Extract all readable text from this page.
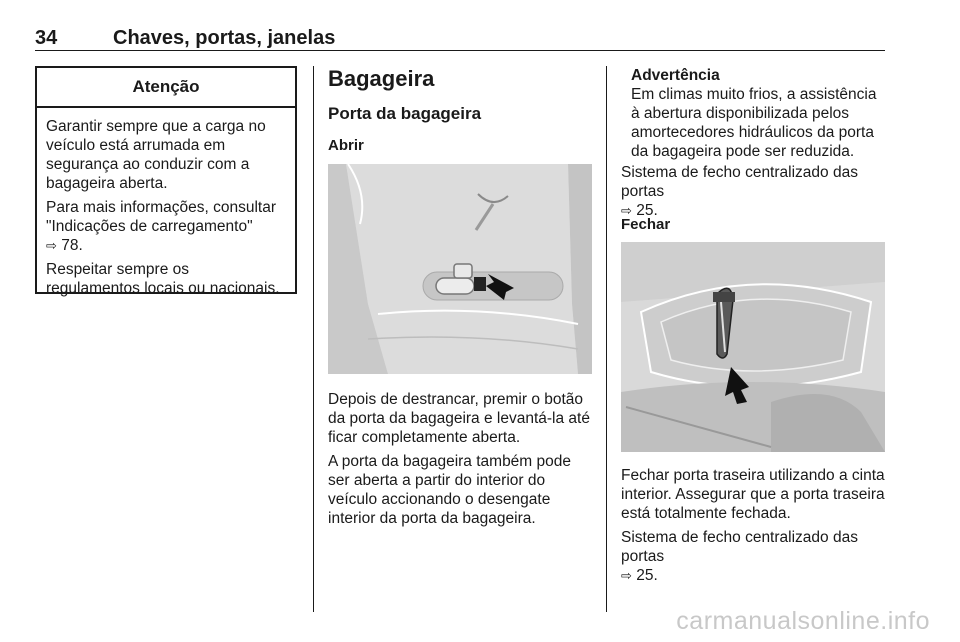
34	Chaves, portas, janelas
Atenção

Garantir sempre que a carga no veículo está arrumada em segurança ao conduzir com a bagageira aberta.

Para mais informações, consultar "Indicações de carregamento"
⇨ 78.

Respeitar sempre os regulamentos locais ou nacionais.

Bagageira
Porta da bagageira
Abrir

Depois de destrancar, premir o botão da porta da bagageira e levantá-la até ficar completamente aberta.

A porta da bagageira também pode ser aberta a partir do interior do veículo accionando o desengate interior da porta da bagageira.

Advertência

Em climas muito frios, a assistência à abertura disponibilizada pelos amortecedores hidráulicos da porta da bagageira pode ser reduzida.

Sistema de fecho centralizado das portas
⇨ 25.

Fechar

Fechar porta traseira utilizando a cinta interior. Assegurar que a porta traseira está totalmente fechada.

Sistema de fecho centralizado das portas
⇨ 25.

carmanualsonline.info
